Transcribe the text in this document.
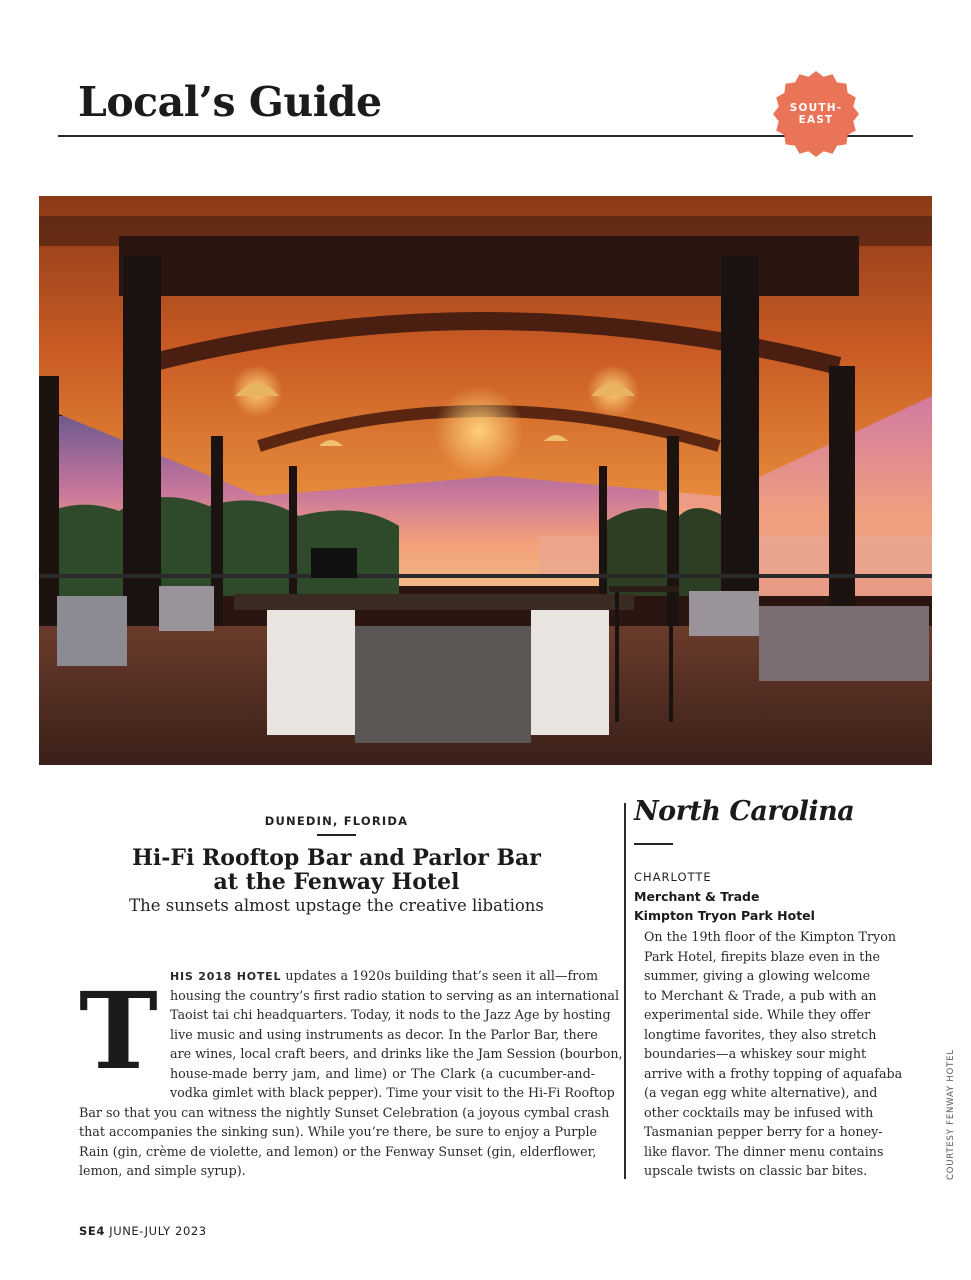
Local’s Guide	SOUTH-
EAST
COURTESY FENWAY HOTEL
DUNEDIN, FLORIDA
Hi-Fi Rooftop Bar and Parlor Bar
at the Fenway Hotel
The sunsets almost upstage the creative libations
T HIS 2018 HOTEL updates a 1920s building that’s seen it all—from
housing the country’s first radio station to serving as an international
Taoist tai chi headquarters. Today, it nods to the Jazz Age by hosting
live music and using instruments as decor. In the Parlor Bar, there
are wines, local craft beers, and drinks like the Jam Session (bourbon,
house-made berry jam, and lime) or The Clark (a cucumber-and-
vodka gimlet with black pepper). Time your visit to the Hi-Fi Rooftop
Bar so that you can witness the nightly Sunset Celebration (a joyous cymbal crash
that accompanies the sinking sun). While you’re there, be sure to enjoy a Purple
Rain (gin, crème de violette, and lemon) or the Fenway Sunset (gin, elderflower,
lemon, and simple syrup).
North Carolina
CHARLOTTE
Merchant & Trade
Kimpton Tryon Park Hotel
On the 19th floor of the Kimpton Tryon
Park Hotel, firepits blaze even in the
summer, giving a glowing welcome
to Merchant & Trade, a pub with an
experimental side. While they offer
longtime favorites, they also stretch
boundaries—a whiskey sour might
arrive with a frothy topping of aquafaba
(a vegan egg white alternative), and
other cocktails may be infused with
Tasmanian pepper berry for a honey-
like flavor. The dinner menu contains
upscale twists on classic bar bites.
SE4 JUNE-JULY 2023
